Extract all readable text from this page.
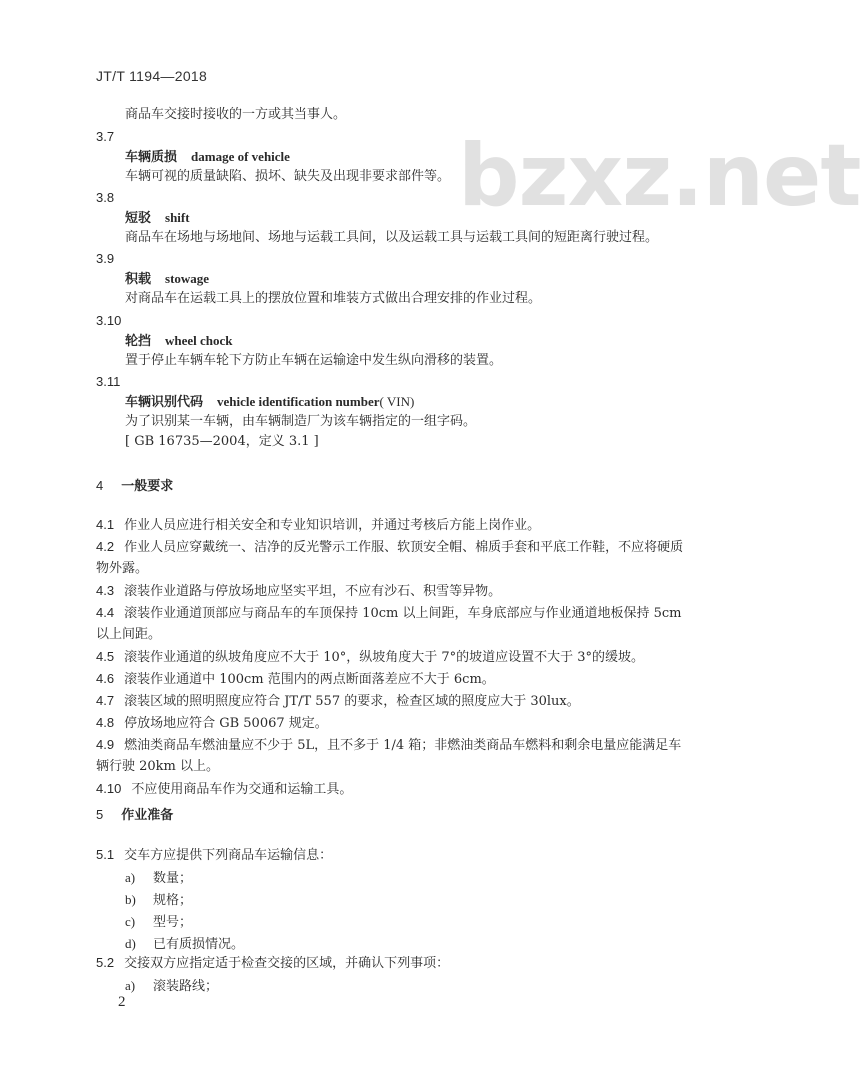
JT/T 1194—2018
bzxz.net
商品车交接时接收的一方或其当事人。
3.7
车辆质损 damage of vehicle
车辆可视的质量缺陷、损坏、缺失及出现非要求部件等。
3.8
短驳 shift
商品车在场地与场地间、场地与运载工具间，以及运载工具与运载工具间的短距离行驶过程。
3.9
积载 stowage
对商品车在运载工具上的摆放位置和堆装方式做出合理安排的作业过程。
3.10
轮挡 wheel chock
置于停止车辆车轮下方防止车辆在运输途中发生纵向滑移的装置。
3.11
车辆识别代码 vehicle identification number( VIN)
为了识别某一车辆，由车辆制造厂为该车辆指定的一组字码。
[ GB 16735—2004，定义 3.1 ]
4 一般要求
4.1 作业人员应进行相关安全和专业知识培训，并通过考核后方能上岗作业。
4.2 作业人员应穿戴统一、洁净的反光警示工作服、软顶安全帽、棉质手套和平底工作鞋，不应将硬质
物外露。
4.3 滚装作业道路与停放场地应坚实平坦，不应有沙石、积雪等异物。
4.4 滚装作业通道顶部应与商品车的车顶保持 10cm 以上间距，车身底部应与作业通道地板保持 5cm
以上间距。
4.5 滚装作业通道的纵坡角度应不大于 10°，纵坡角度大于 7°的坡道应设置不大于 3°的缓坡。
4.6 滚装作业通道中 100cm 范围内的两点断面落差应不大于 6cm。
4.7 滚装区域的照明照度应符合 JT/T 557 的要求，检查区域的照度应大于 30lux。
4.8 停放场地应符合 GB 50067 规定。
4.9 燃油类商品车燃油量应不少于 5L，且不多于 1/4 箱；非燃油类商品车燃料和剩余电量应能满足车
辆行驶 20km 以上。
4.10 不应使用商品车作为交通和运输工具。
5 作业准备
5.1 交车方应提供下列商品车运输信息：
a) 数量；
b) 规格；
c) 型号；
d) 已有质损情况。
5.2 交接双方应指定适于检查交接的区域，并确认下列事项：
a) 滚装路线；
2
